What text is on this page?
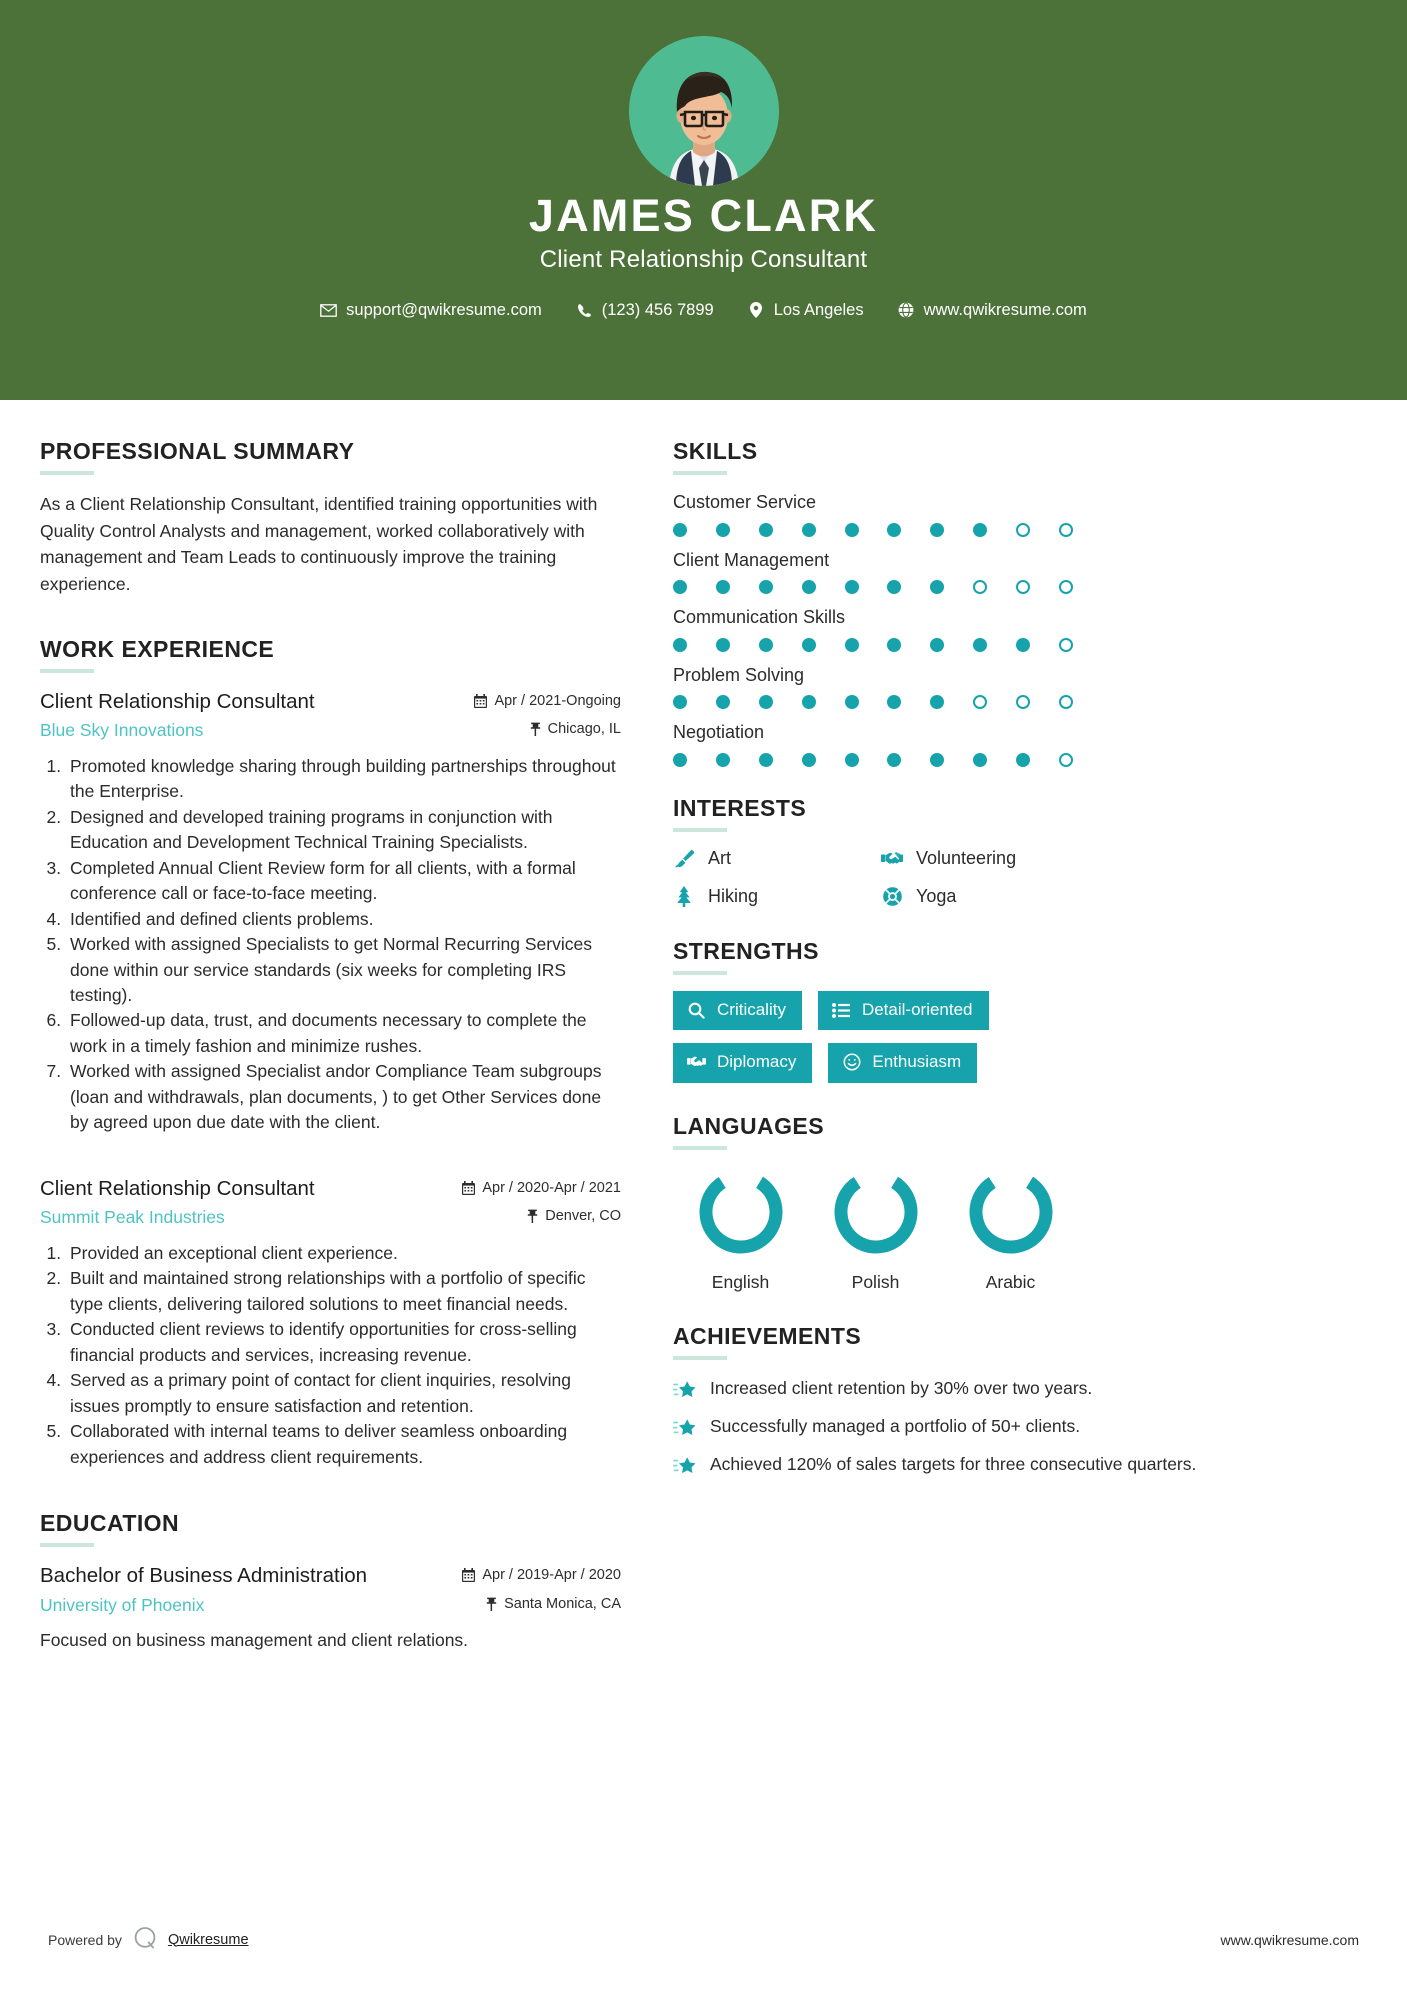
JAMES CLARK
Client Relationship Consultant
support@qwikresume.com	(123) 456 7899	Los Angeles	www.qwikresume.com
PROFESSIONAL SUMMARY
As a Client Relationship Consultant, identified training opportunities with Quality Control Analysts and management, worked collaboratively with management and Team Leads to continuously improve the training experience.
WORK EXPERIENCE
Client Relationship Consultant	Apr / 2021-Ongoing
Blue Sky Innovations	Chicago, IL
1. Promoted knowledge sharing through building partnerships throughout the Enterprise.
2. Designed and developed training programs in conjunction with Education and Development Technical Training Specialists.
3. Completed Annual Client Review form for all clients, with a formal conference call or face-to-face meeting.
4. Identified and defined clients problems.
5. Worked with assigned Specialists to get Normal Recurring Services done within our service standards (six weeks for completing IRS testing).
6. Followed-up data, trust, and documents necessary to complete the work in a timely fashion and minimize rushes.
7. Worked with assigned Specialist andor Compliance Team subgroups (loan and withdrawals, plan documents, ) to get Other Services done by agreed upon due date with the client.
Client Relationship Consultant	Apr / 2020-Apr / 2021
Summit Peak Industries	Denver, CO
1. Provided an exceptional client experience.
2. Built and maintained strong relationships with a portfolio of specific type clients, delivering tailored solutions to meet financial needs.
3. Conducted client reviews to identify opportunities for cross-selling financial products and services, increasing revenue.
4. Served as a primary point of contact for client inquiries, resolving issues promptly to ensure satisfaction and retention.
5. Collaborated with internal teams to deliver seamless onboarding experiences and address client requirements.
EDUCATION
Bachelor of Business Administration	Apr / 2019-Apr / 2020
University of Phoenix	Santa Monica, CA
Focused on business management and client relations.
SKILLS
Customer Service
Client Management
Communication Skills
Problem Solving
Negotiation
INTERESTS
Art	Volunteering
Hiking	Yoga
STRENGTHS
Criticality	Detail-oriented
Diplomacy	Enthusiasm
LANGUAGES
English	Polish	Arabic
ACHIEVEMENTS
Increased client retention by 30% over two years.
Successfully managed a portfolio of 50+ clients.
Achieved 120% of sales targets for three consecutive quarters.
Powered by	Qwikresume	www.qwikresume.com
